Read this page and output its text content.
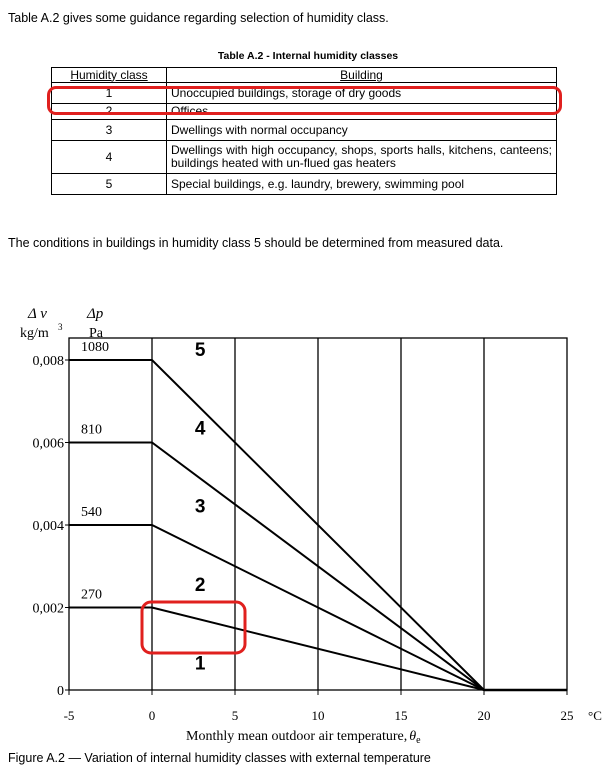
Table A.2 gives some guidance regarding selection of humidity class.
Table A.2 - Internal humidity classes
Humidity class	Building
1	Unoccupied buildings, storage of dry goods
2	Offices
3	Dwellings with normal occupancy
4	Dwellings with high occupancy, shops, sports halls, kitchens, canteens; buildings heated with un-flued gas heaters
5	Special buildings, e.g. laundry, brewery, swimming pool
The conditions in buildings in humidity class 5 should be determined from measured data.
-5	0	5	10	15	20	25
0
0,002
0,004
0,006
0,008
270
540
810
1080
1
2
3
4
5
Δ v
kg/m 3
Δp
Pa
°C
Monthly mean outdoor air temperature, $\theta_e$
Figure A.2 — Variation of internal humidity classes with external temperature
